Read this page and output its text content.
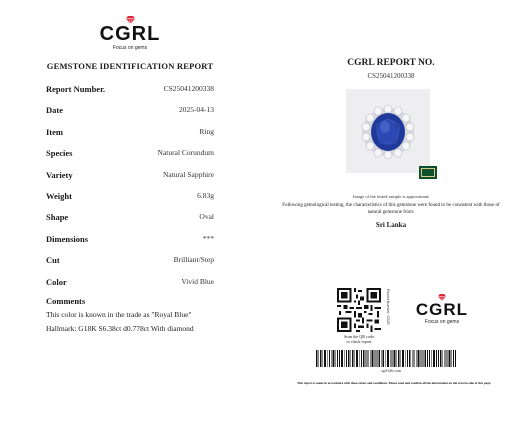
CGRL
Focus on gems
GEMSTONE IDENTIFICATION REPORT
Report Number.	CS25041200338
Date	2025-04-13
Item	Ring
Species	Natural Corundum
Variety	Natural Sapphire
Weight	6.83g
Shape	Oval
Dimensions	***
Cut	Brilliant/Step
Color	Vivid Blue
Comments
This color is known in the trade as "Royal Blue"
Hallmark: G18K S6.38ct d0.778ct With diamond
CGRL REPORT NO.
CS25041200338
Image of the tested sample is approximate
Following gemological testing, the characteristics of this gemstone were found to be consistent with those of natural gemstone from:
Sri Lanka
Report Number: CS25
Scan the QR code
to check report
CGRL
Focus on gems
cgrl-lab.com
This report is made in accordance with these terms and conditions. Please read and confirm all the information on the reverse side of this page.
